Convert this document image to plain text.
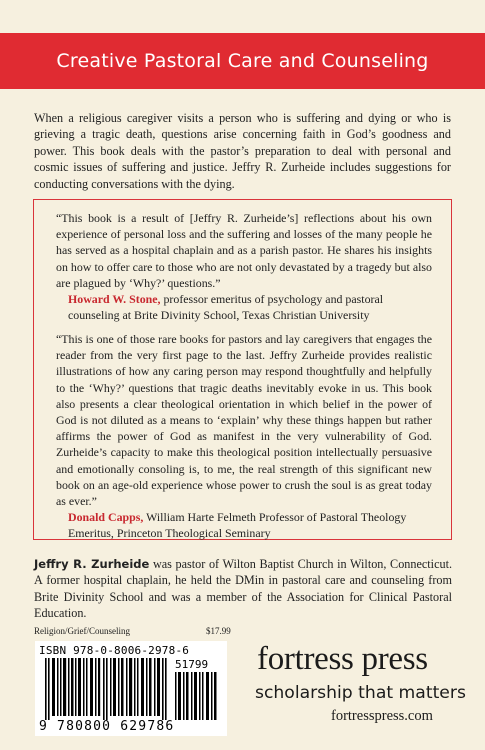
Creative Pastoral Care and Counseling

When a religious caregiver visits a person who is suffering and dying or who is grieving a tragic death, questions arise concerning faith in God’s goodness and power. This book deals with the pastor’s preparation to deal with personal and cosmic issues of suffering and justice. Jeffry R. Zurheide includes suggestions for conducting conversations with the dying.

“This book is a result of [Jeffry R. Zurheide’s] reflections about his own experience of personal loss and the suffering and losses of the many people he has served as a hospital chaplain and as a parish pastor. He shares his insights on how to offer care to those who are not only devastated by a tragedy but also are plagued by ‘Why?’ questions.”
Howard W. Stone, professor emeritus of psychology and pastoral counseling at Brite Divinity School, Texas Christian University

“This is one of those rare books for pastors and lay caregivers that engages the reader from the very first page to the last. Jeffry Zurheide provides realistic illustrations of how any caring person may respond thoughtfully and helpfully to the ‘Why?’ questions that tragic deaths inevitably evoke in us. This book also presents a clear theological orientation in which belief in the power of God is not diluted as a means to ‘explain’ why these things happen but rather affirms the power of God as manifest in the very vulnerability of God. Zurheide’s capacity to make this theological position intellectually persuasive and emotionally consoling is, to me, the real strength of this significant new book on an age-old experience whose power to crush the soul is as great today as ever.”
Donald Capps, William Harte Felmeth Professor of Pastoral Theology Emeritus, Princeton Theological Seminary

Jeffry R. Zurheide was pastor of Wilton Baptist Church in Wilton, Connecticut. A former hospital chaplain, he held the DMin in pastoral care and counseling from Brite Divinity School and was a member of the Association for Clinical Pastoral Education.

Religion/Grief/Counseling	$17.99
ISBN 978-0-8006-2978-6
51799
9 780800 629786
fortress press
scholarship that matters
fortresspress.com
